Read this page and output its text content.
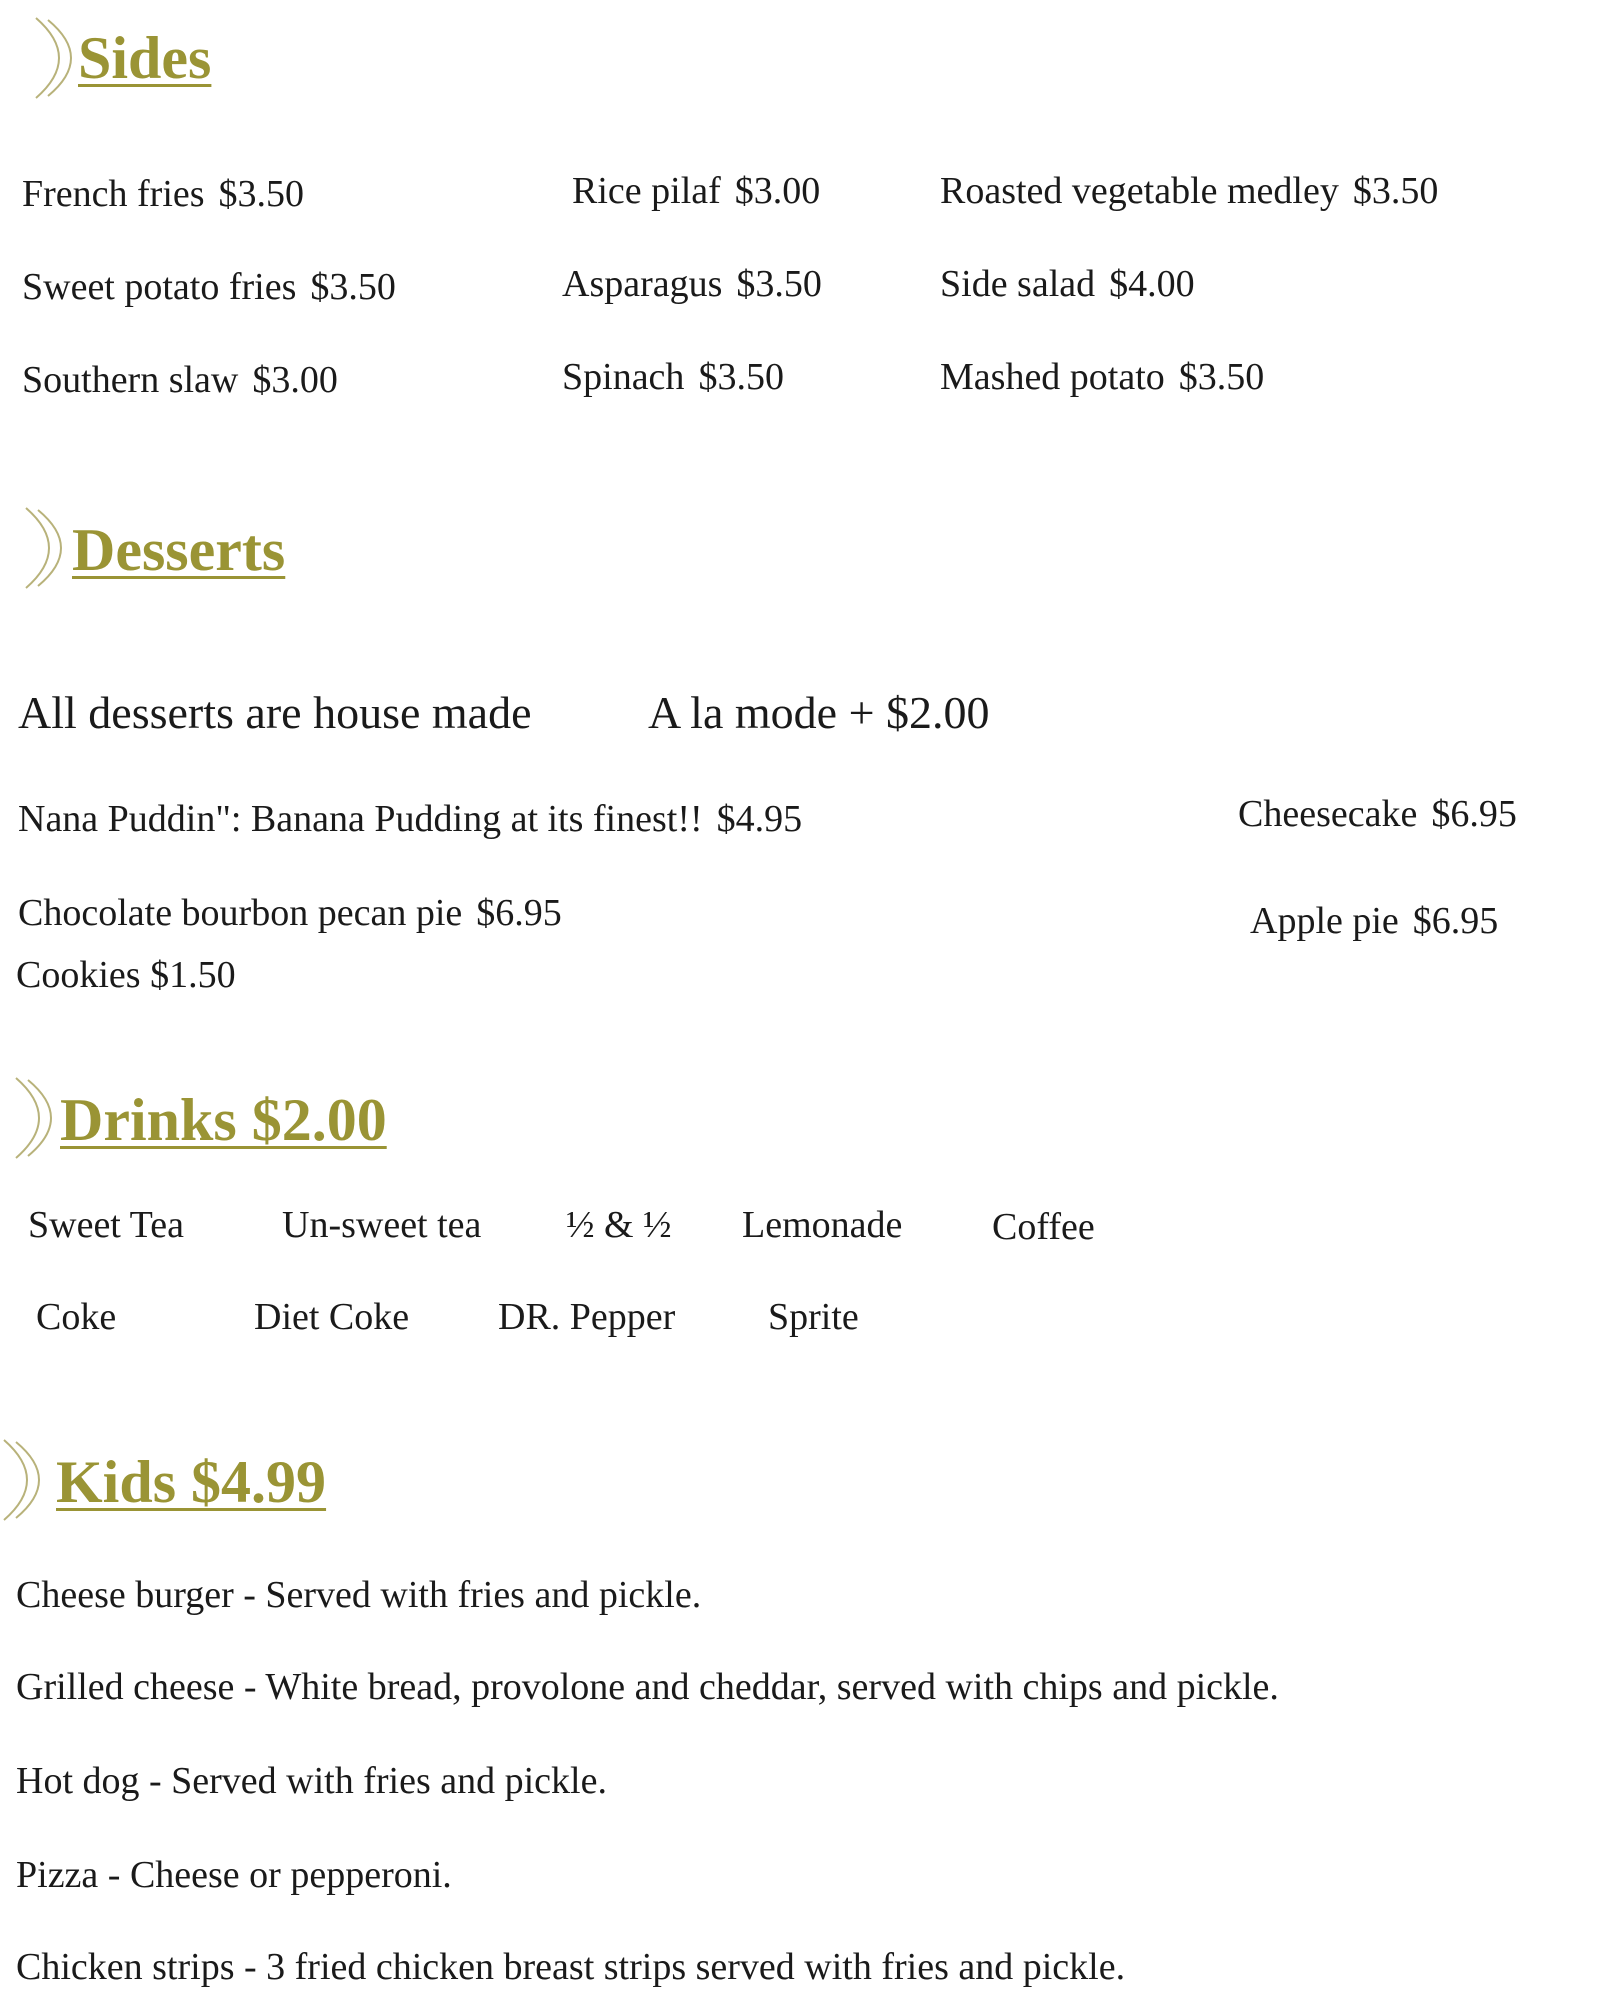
Sides
French fries $3.50	Rice pilaf $3.00	Roasted vegetable medley $3.50
Sweet potato fries $3.50	Asparagus $3.50	Side salad $4.00
Southern slaw $3.00	Spinach $3.50	Mashed potato $3.50
Desserts
All desserts are house made	A la mode + $2.00
Nana Puddin": Banana Pudding at its finest!! $4.95	Cheesecake $6.95
Chocolate bourbon pecan pie $6.95	Apple pie $6.95
Cookies $1.50
Drinks $2.00
Sweet Tea	Un-sweet tea ½ & ½ Lemonade Coffee
Coke	Diet Coke DR. Pepper Sprite
Kids $4.99
Cheese burger - Served with fries and pickle.
Grilled cheese - White bread, provolone and cheddar, served with chips and pickle.
Hot dog - Served with fries and pickle.
Pizza - Cheese or pepperoni.
Chicken strips - 3 fried chicken breast strips served with fries and pickle.
